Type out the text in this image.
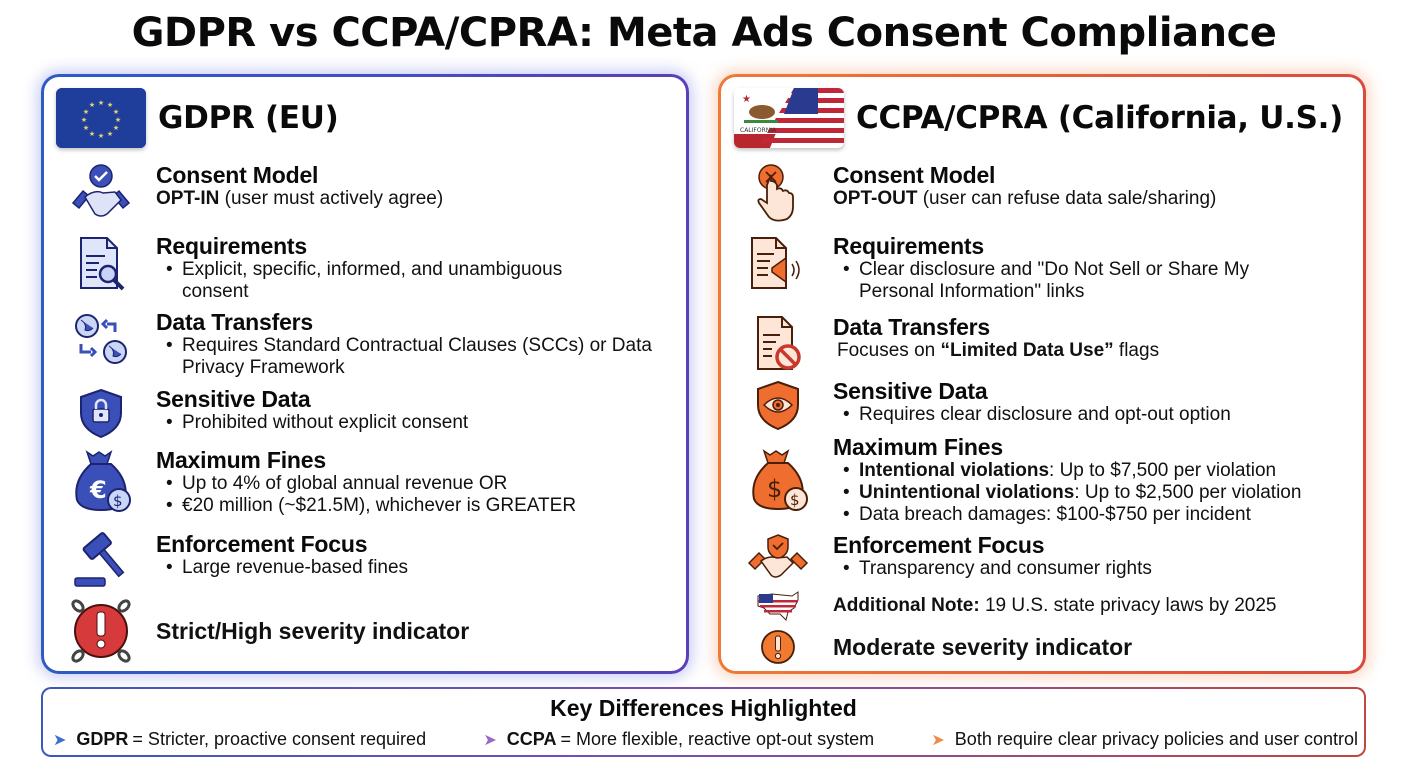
GDPR vs CCPA/CPRA: Meta Ads Consent Compliance
★ ★
★
★
★
★
★
★
★
★
★
★ GDPR (EU)
Consent Model
OPT-IN (user must actively agree)
Requirements
• Explicit, specific, informed, and unambiguous consent
Data Transfers
• Requires Standard Contractual Clauses (SCCs) or Data Privacy Framework
Sensitive Data
• Prohibited without explicit consent
€ $
Maximum Fines
• Up to 4% of global annual revenue OR
• €20 million (~$21.5M), whichever is GREATER
Enforcement Focus
• Large revenue-based fines
Strict/High severity indicator
★
CALIFORNIA	CCPA/CPRA (California, U.S.)
Consent Model
OPT-OUT (user can refuse data sale/sharing)
Requirements
• Clear disclosure and "Do Not Sell or Share My Personal Information" links
Data Transfers
Focuses on “Limited Data Use” flags
Sensitive Data
• Requires clear disclosure and opt-out option
$ $
Maximum Fines
• Intentional violations: Up to $7,500 per violation
• Unintentional violations: Up to $2,500 per violation
• Data breach damages: $100-$750 per incident
Enforcement Focus
• Transparency and consumer rights
Additional Note: 19 U.S. state privacy laws by 2025
Moderate severity indicator
Key Differences Highlighted
➤ GDPR = Stricter, proactive consent required	➤ CCPA = More flexible, reactive opt-out system	➤ Both require clear privacy policies and user control
